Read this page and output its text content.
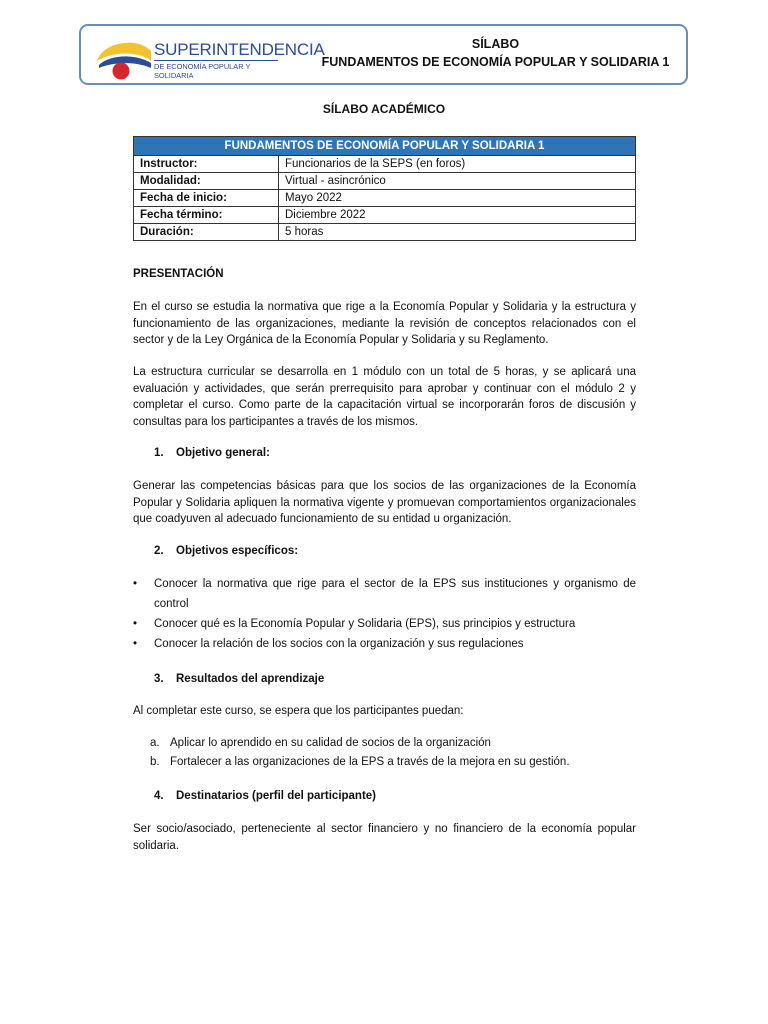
SUPERINTENDENCIA
DE ECONOMÍA POPULAR Y SOLIDARIA
SÍLABO
FUNDAMENTOS DE ECONOMÍA POPULAR Y SOLIDARIA 1
SÍLABO ACADÉMICO
FUNDAMENTOS DE ECONOMÍA POPULAR Y SOLIDARIA 1	
Instructor:	Funcionarios de la SEPS (en foros)
Modalidad:	Virtual - asincrónico
Fecha de inicio:	Mayo 2022
Fecha término:	Diciembre 2022
Duración:	5 horas
PRESENTACIÓN
En el curso se estudia la normativa que rige a la Economía Popular y Solidaria y la estructura y funcionamiento de las organizaciones, mediante la revisión de conceptos relacionados con el sector y de la Ley Orgánica de la Economía Popular y Solidaria y su Reglamento.
La estructura curricular se desarrolla en 1 módulo con un total de 5 horas, y se aplicará una evaluación y actividades, que serán prerrequisito para aprobar y continuar con el módulo 2 y completar el curso. Como parte de la capacitación virtual se incorporarán foros de discusión y consultas para los participantes a través de los mismos.
1. Objetivo general:
Generar las competencias básicas para que los socios de las organizaciones de la Economía Popular y Solidaria apliquen la normativa vigente y promuevan comportamientos organizacionales que coadyuven al adecuado funcionamiento de su entidad u organización.
2. Objetivos específicos:
• Conocer la normativa que rige para el sector de la EPS sus instituciones y organismo de control
• Conocer qué es la Economía Popular y Solidaria (EPS), sus principios y estructura
• Conocer la relación de los socios con la organización y sus regulaciones
3. Resultados del aprendizaje
Al completar este curso, se espera que los participantes puedan:
a. Aplicar lo aprendido en su calidad de socios de la organización
b. Fortalecer a las organizaciones de la EPS a través de la mejora en su gestión.
4. Destinatarios (perfil del participante)
Ser socio/asociado, perteneciente al sector financiero y no financiero de la economía popular solidaria.
